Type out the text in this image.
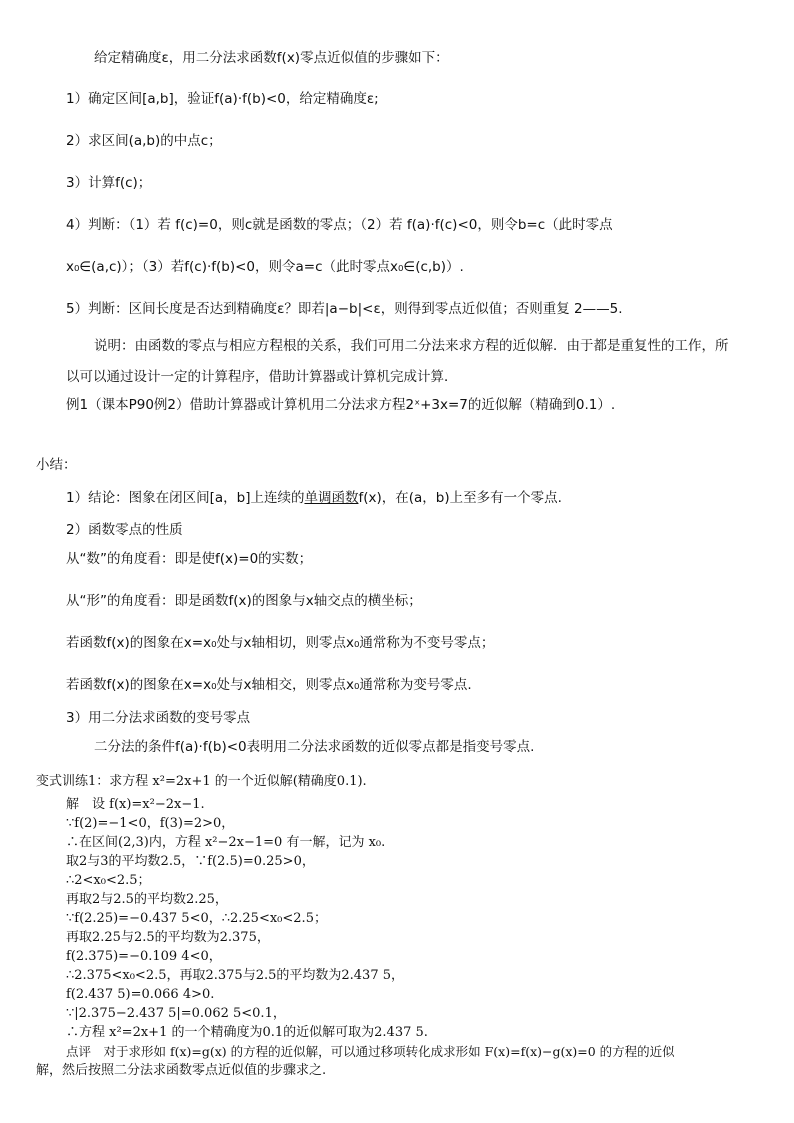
给定精确度ε，用二分法求函数f(x)零点近似值的步骤如下：
1）确定区间[a,b]，验证f(a)·f(b)<0，给定精确度ε;
2）求区间(a,b)的中点c；
3）计算f(c)；
4）判断：（1）若 f(c)=0，则c就是函数的零点；（2）若 f(a)·f(c)<0，则令b=c（此时零点
x₀∈(a,c)）；（3）若f(c)·f(b)<0，则令a=c（此时零点x₀∈(c,b)）.
5）判断：区间长度是否达到精确度ε？即若|a−b|<ε，则得到零点近似值；否则重复 2——5.
说明：由函数的零点与相应方程根的关系，我们可用二分法来求方程的近似解．由于都是重复性的工作，所
以可以通过设计一定的计算程序，借助计算器或计算机完成计算．
例1（课本P90例2）借助计算器或计算机用二分法求方程2ˣ+3x=7的近似解（精确到0.1）.
小结：
1）结论：图象在闭区间[a，b]上连续的单调函数f(x)，在(a，b)上至多有一个零点.
2）函数零点的性质
从“数”的角度看：即是使f(x)=0的实数；
从“形”的角度看：即是函数f(x)的图象与x轴交点的横坐标；
若函数f(x)的图象在x=x₀处与x轴相切，则零点x₀通常称为不变号零点；
若函数f(x)的图象在x=x₀处与x轴相交，则零点x₀通常称为变号零点.
3）用二分法求函数的变号零点
二分法的条件f(a)·f(b)<0表明用二分法求函数的近似零点都是指变号零点.
变式训练1：求方程 x²=2x+1 的一个近似解(精确度0.1).
解　设 f(x)=x²−2x−1.
∵f(2)=−1<0，f(3)=2>0，
∴在区间(2,3)内，方程 x²−2x−1=0 有一解，记为 x₀.
取2与3的平均数2.5，∵f(2.5)=0.25>0，
∴2<x₀<2.5；
再取2与2.5的平均数2.25，
∵f(2.25)=−0.437 5<0，∴2.25<x₀<2.5；
再取2.25与2.5的平均数为2.375，
f(2.375)=−0.109 4<0，
∴2.375<x₀<2.5，再取2.375与2.5的平均数为2.437 5，
f(2.437 5)=0.066 4>0.
∵|2.375−2.437 5|=0.062 5<0.1，
∴方程 x²=2x+1 的一个精确度为0.1的近似解可取为2.437 5.
点评　对于求形如 f(x)=g(x) 的方程的近似解，可以通过移项转化成求形如 F(x)=f(x)−g(x)=0 的方程的近似
解，然后按照二分法求函数零点近似值的步骤求之.
